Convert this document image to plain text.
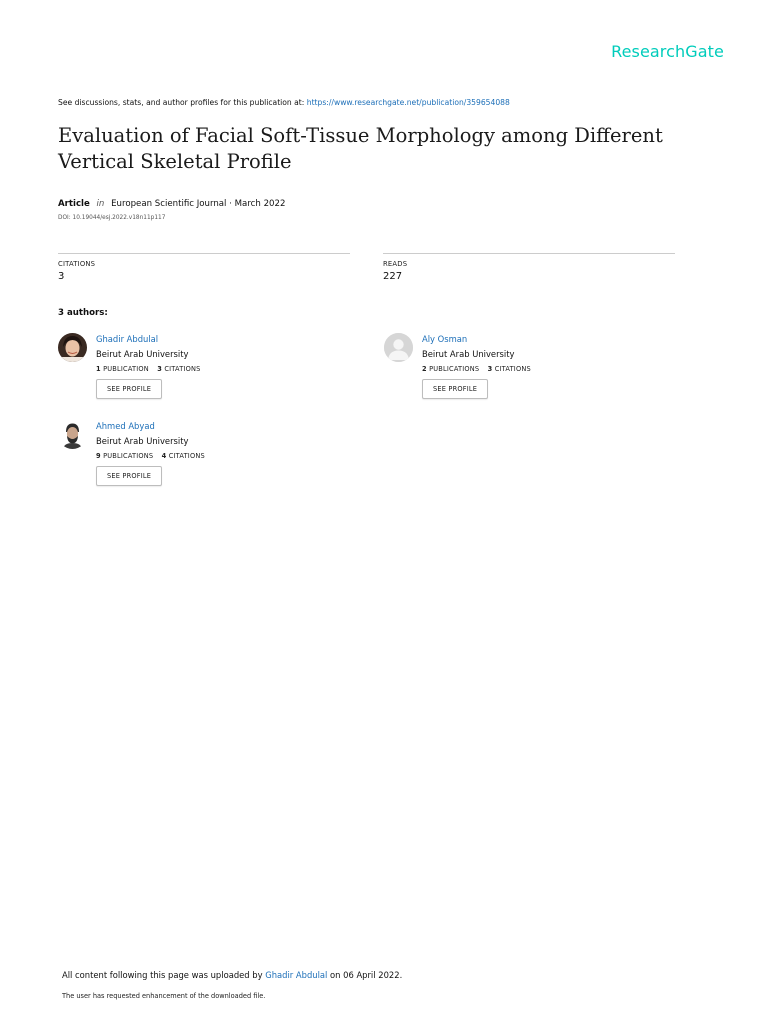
ResearchGate
See discussions, stats, and author profiles for this publication at: https://www.researchgate.net/publication/359654088
Evaluation of Facial Soft-Tissue Morphology among Different Vertical Skeletal Profile
Article in European Scientific Journal · March 2022
DOI: 10.19044/esj.2022.v18n11p117
CITATIONS
3
READS
227
3 authors:
Ghadir Abdulal
Beirut Arab University
1 PUBLICATION 3 CITATIONS
SEE PROFILE
Aly Osman
Beirut Arab University
2 PUBLICATIONS 3 CITATIONS
SEE PROFILE
Ahmed Abyad
Beirut Arab University
9 PUBLICATIONS 4 CITATIONS
SEE PROFILE
All content following this page was uploaded by Ghadir Abdulal on 06 April 2022.
The user has requested enhancement of the downloaded file.
